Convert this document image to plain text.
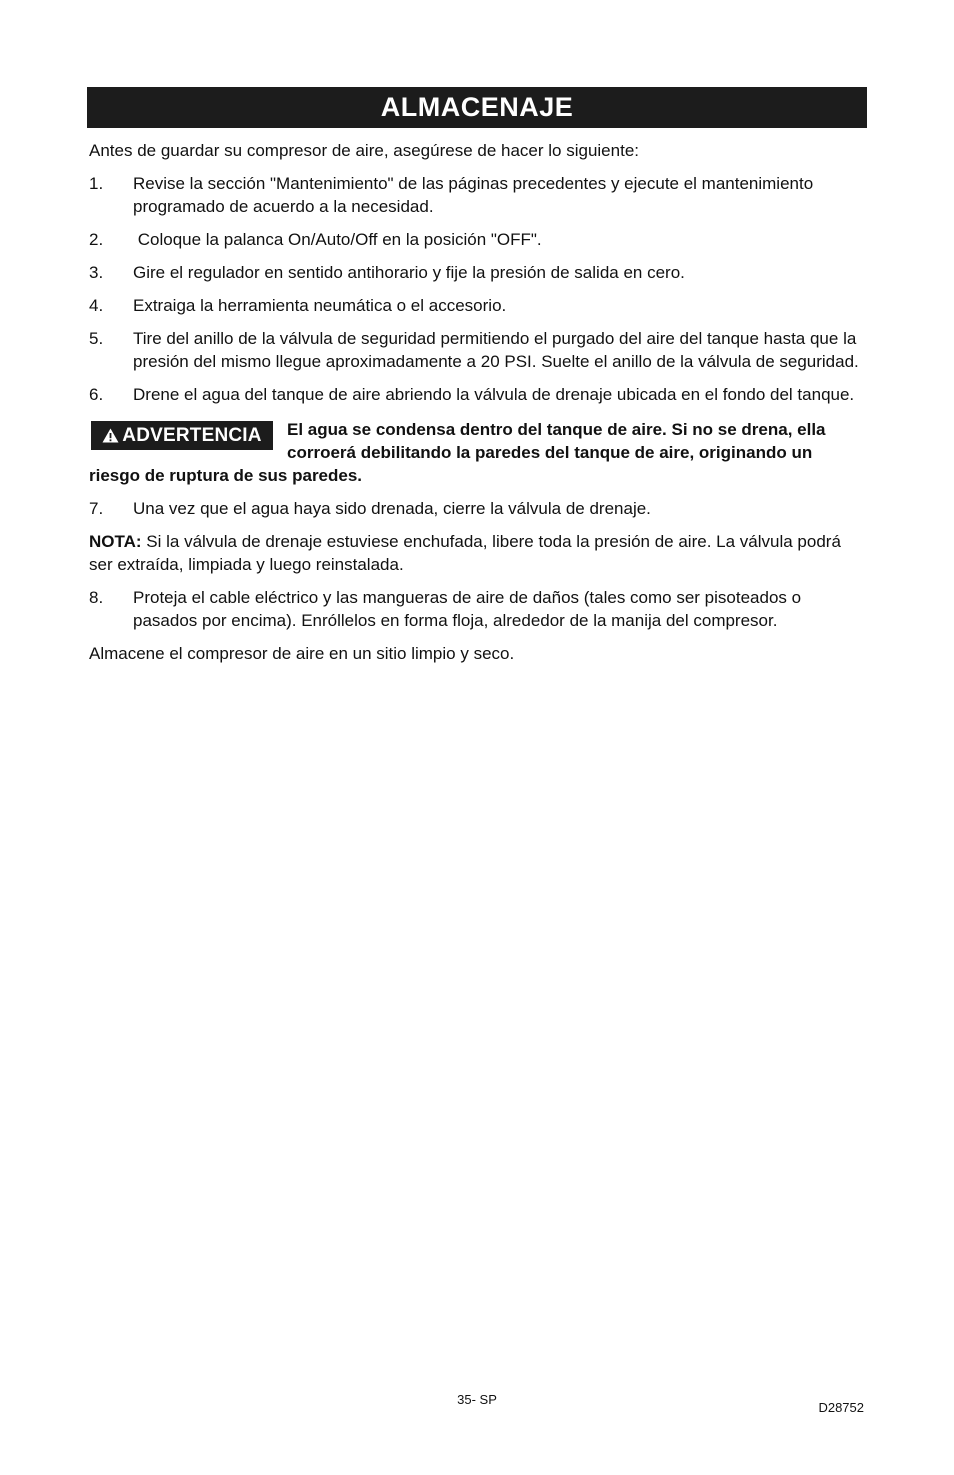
ALMACENAJE

Antes de guardar su compresor de aire, asegúrese de hacer lo siguiente:

1.	Revise la sección "Mantenimiento" de las páginas precedentes y ejecute el mantenimiento programado de acuerdo a la necesidad.
2.	Coloque la palanca On/Auto/Off en la posición "OFF".
3.	Gire el regulador en sentido antihorario y fije la presión de salida en cero.
4.	Extraiga la herramienta neumática o el accesorio.
5.	Tire del anillo de la válvula de seguridad permitiendo el purgado del aire del tanque hasta que la presión del mismo llegue aproximadamente a 20 PSI. Suelte el anillo de la válvula de seguridad.
6.	Drene el agua del tanque de aire abriendo la válvula de drenaje ubicada en el fondo del tanque.
ADVERTENCIA	El agua se condensa dentro del tanque de aire. Si no se drena, ella corroerá debilitando la paredes del tanque de aire, originando un riesgo de ruptura de sus paredes.
7.	Una vez que el agua haya sido drenada, cierre la válvula de drenaje.

NOTA: Si la válvula de drenaje estuviese enchufada, libere toda la presión de aire. La válvula podrá ser extraída, limpiada y luego reinstalada.

8.	Proteja el cable eléctrico y las mangueras de aire de daños (tales como ser pisoteados o pasados por encima). Enróllelos en forma floja, alrededor de la manija del compresor.

Almacene el compresor de aire en un sitio limpio y seco.

35- SP
D28752
